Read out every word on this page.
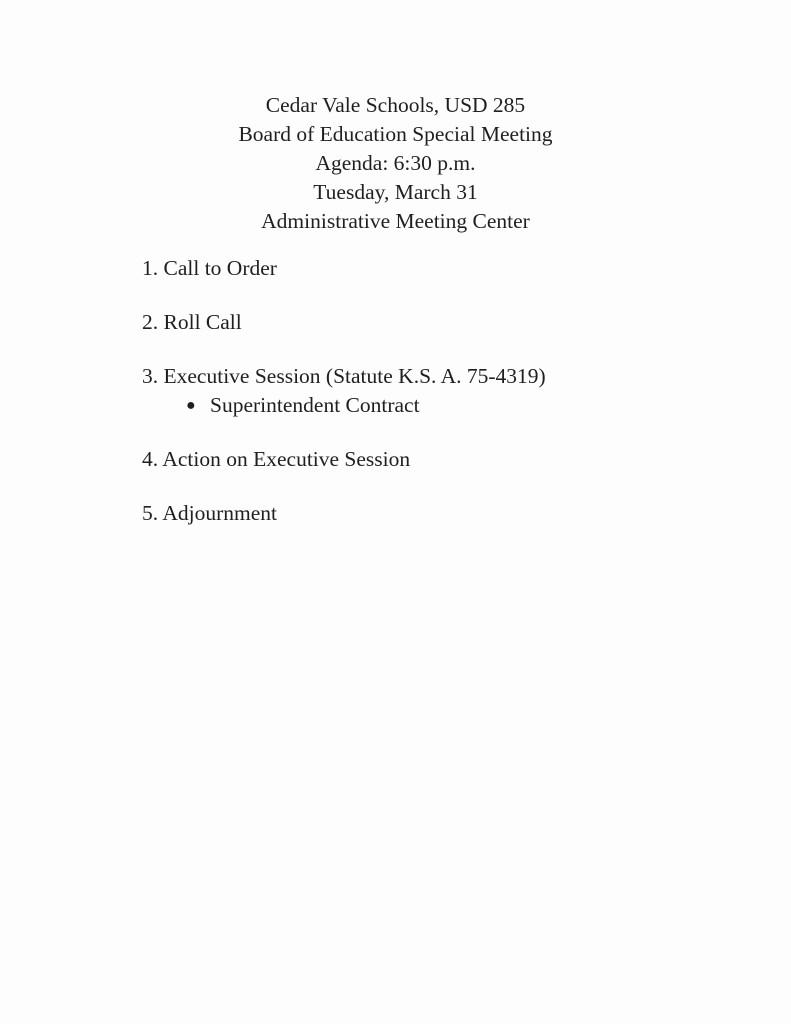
Cedar Vale Schools, USD 285
Board of Education Special Meeting
Agenda: 6:30 p.m.
Tuesday, March 31
Administrative Meeting Center
1. Call to Order
2. Roll Call
3. Executive Session (Statute K.S. A. 75-4319)
● Superintendent Contract
4. Action on Executive Session
5. Adjournment
